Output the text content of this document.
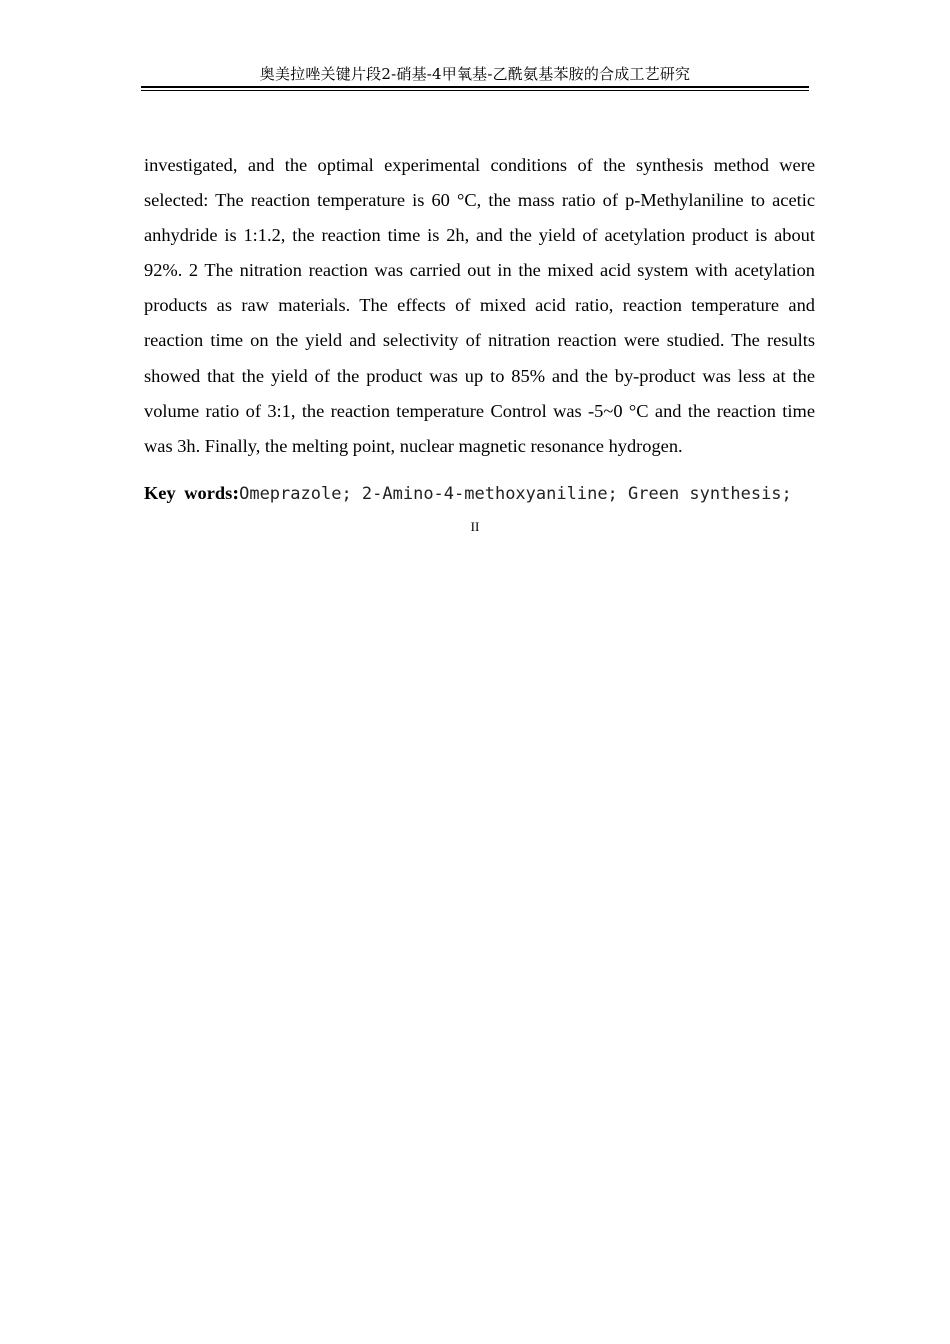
奥美拉唑关键片段2-硝基-4甲氧基-乙酰氨基苯胺的合成工艺研究

investigated, and the optimal experimental conditions of the synthesis method were selected: The reaction temperature is 60 °C, the mass ratio of p-Methylaniline to acetic anhydride is 1:1.2, the reaction time is 2h, and the yield of acetylation product is about 92%. 2 The nitration reaction was carried out in the mixed acid system with acetylation products as raw materials. The effects of mixed acid ratio, reaction temperature and reaction time on the yield and selectivity of nitration reaction were studied. The results showed that the yield of the product was up to 85% and the by-product was less at the volume ratio of 3:1, the reaction temperature Control was -5~0 °C and the reaction time was 3h. Finally, the melting point, nuclear magnetic resonance hydrogen.

Key words:Omeprazole; 2-Amino-4-methoxyaniline; Green synthesis;
II
